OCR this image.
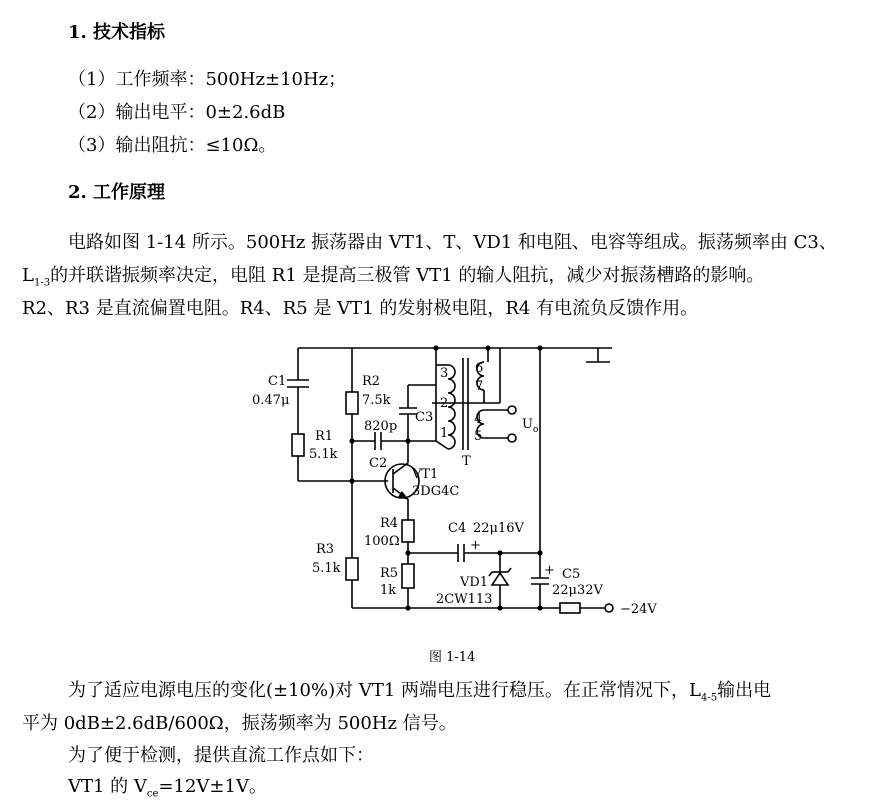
1. 技术指标
（1）工作频率：500Hz±10Hz；
（2）输出电平：0±2.6dB
（3）输出阻抗：≤10Ω。
2. 工作原理
电路如图 1-14 所示。500Hz 振荡器由 VT1、T、VD1 和电阻、电容等组成。振荡频率由 C3、
$L_{1-3}$的并联谐振频率决定，电阻 R1 是提高三极管 VT1 的输人阻抗，减少对振荡槽路的影响。
R2、R3 是直流偏置电阻。R4、R5 是 VT1 的发射极电阻，R4 有电流负反馈作用。
C1
0.47μ
R1
5.1k
R2
7.5k
C3
820p
C2
VT1
3DG4C
3
2
1
6
7
4
5
T
$U_o$
R4
100Ω
R3
5.1k	R5
1k
C4 22μ16V
+
VD1
2CW113
+ C5
22μ32V
−24V
图 1-14
为了适应电源电压的变化(±10%)对 VT1 两端电压进行稳压。在正常情况下，$L_{4-5}$输出电
平为 0dB±2.6dB/600Ω，振荡频率为 500Hz 信号。
为了便于检测，提供直流工作点如下：
VT1 的 $V_{ce}=12V\pm 1V$。
